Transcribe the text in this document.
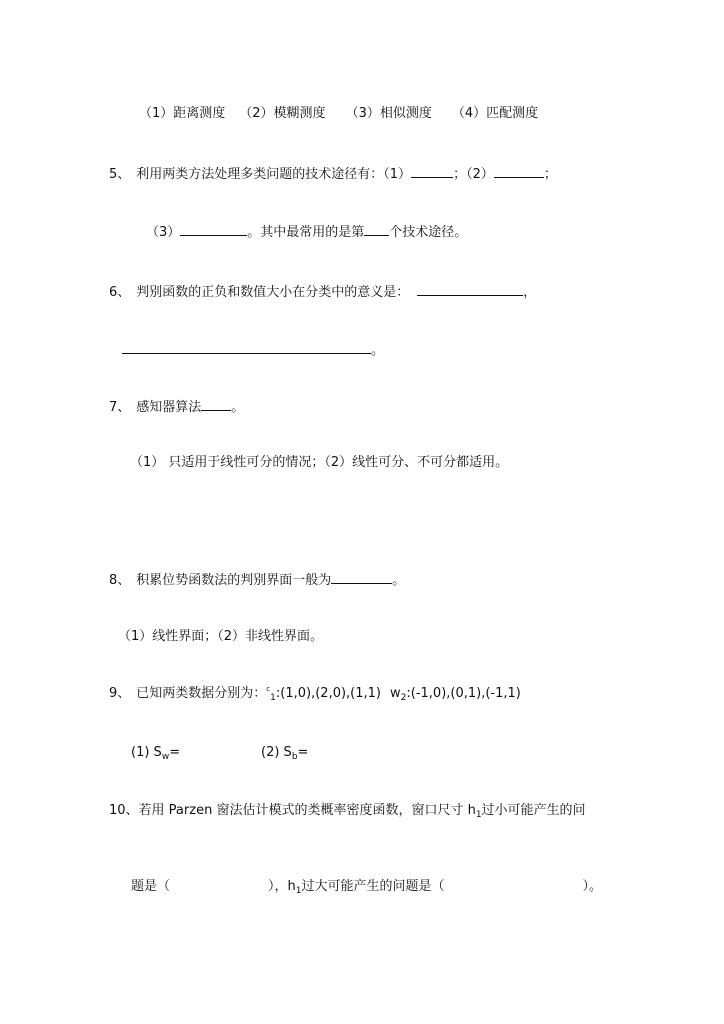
（1）距离测度 （2）模糊测度 （3）相似测度 （4）匹配测度
5、 利用两类方法处理多类问题的技术途径有：（1）	；（2）	；
（3）	。其中最常用的是第 个技术途径。
6、 判别函数的正负和数值大小在分类中的意义是：	，
。
7、 感知器算法 。
（1） 只适用于线性可分的情况；（2）线性可分、不可分都适用。
8、 积累位势函数法的判别界面一般为	。
（1）线性界面；（2）非线性界面。
9、 已知两类数据分别为：$^c_1$:(1,0),(2,0),(1,1) $w_2:(-1,0),(0,1),(-1,1)$
(1) $S_w=$	(2) $S_b=$
10、若用 Parzen 窗法估计模式的类概率密度函数，窗口尺寸 $h_1$过小可能产生的问
题是（	），$h_1$过大可能产生的问题是（	）。
